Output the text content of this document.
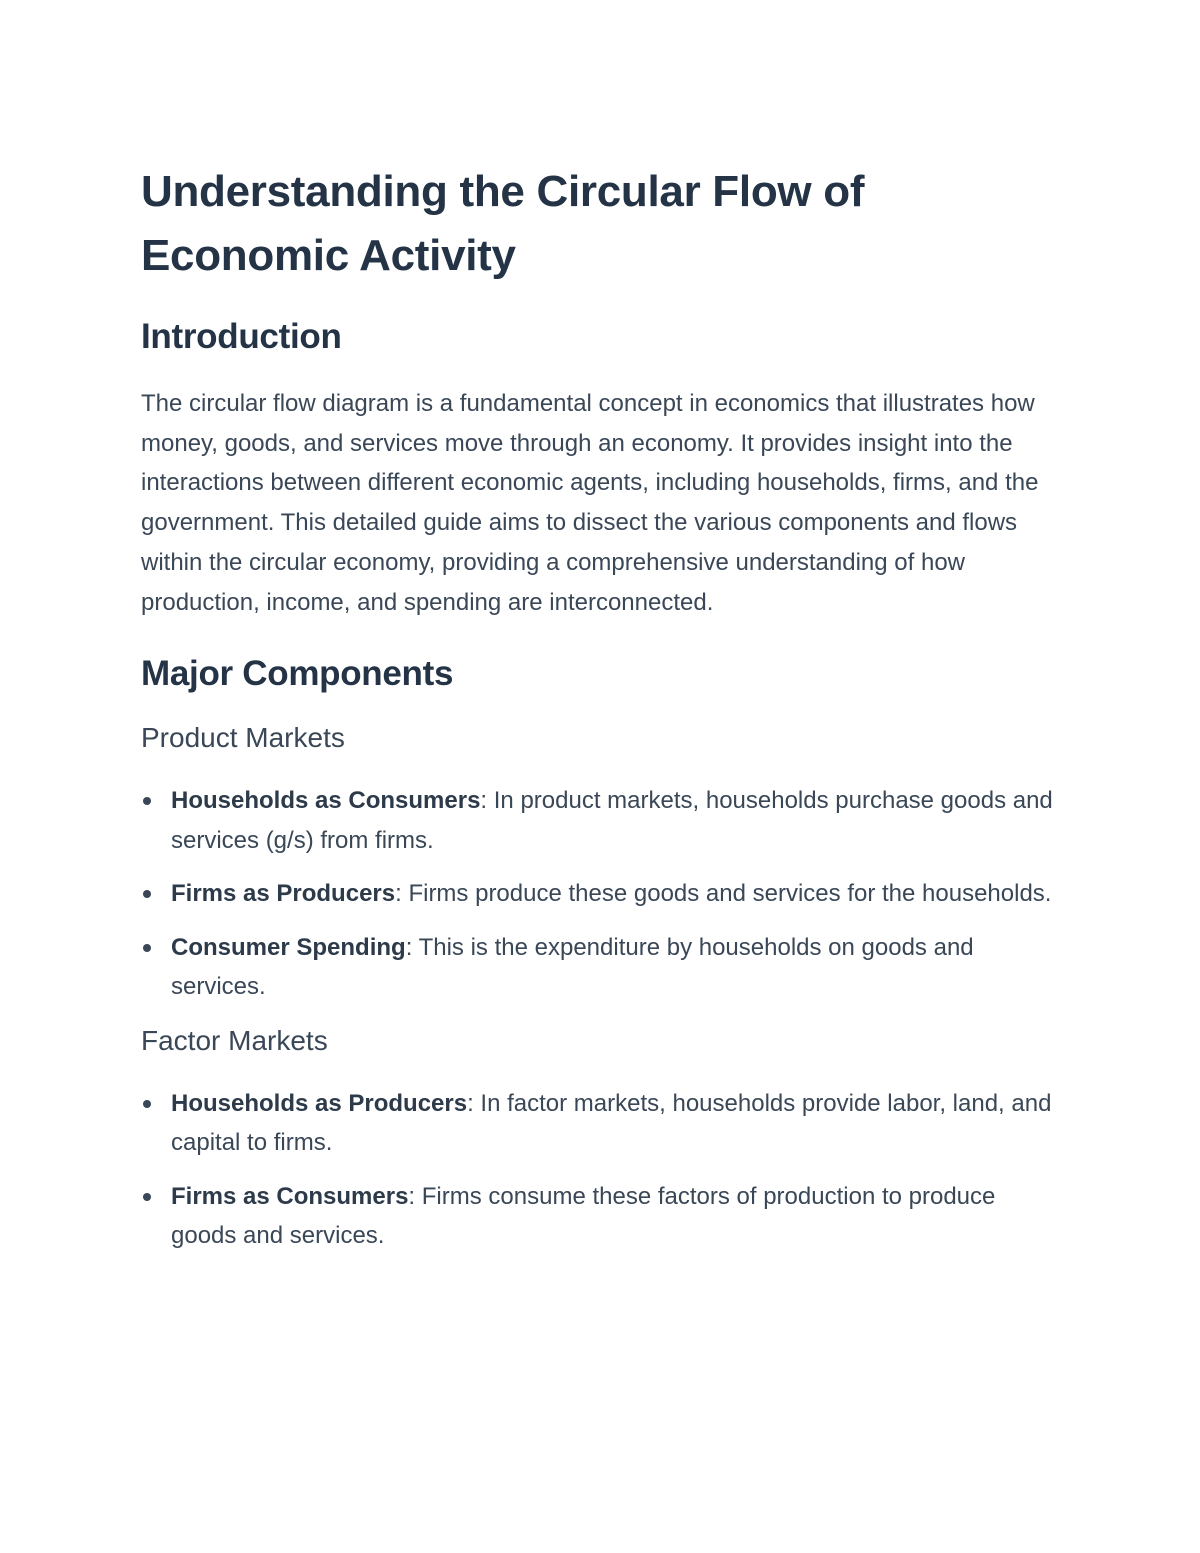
Understanding the Circular Flow of Economic Activity
Introduction

The circular flow diagram is a fundamental concept in economics that illustrates how money, goods, and services move through an economy. It provides insight into the interactions between different economic agents, including households, firms, and the government. This detailed guide aims to dissect the various components and flows within the circular economy, providing a comprehensive understanding of how production, income, and spending are interconnected.

Major Components
Product Markets
Households as Consumers: In product markets, households purchase goods and services (g/s) from firms.
Firms as Producers: Firms produce these goods and services for the households.
Consumer Spending: This is the expenditure by households on goods and services.
Factor Markets
Households as Producers: In factor markets, households provide labor, land, and capital to firms.
Firms as Consumers: Firms consume these factors of production to produce goods and services.
